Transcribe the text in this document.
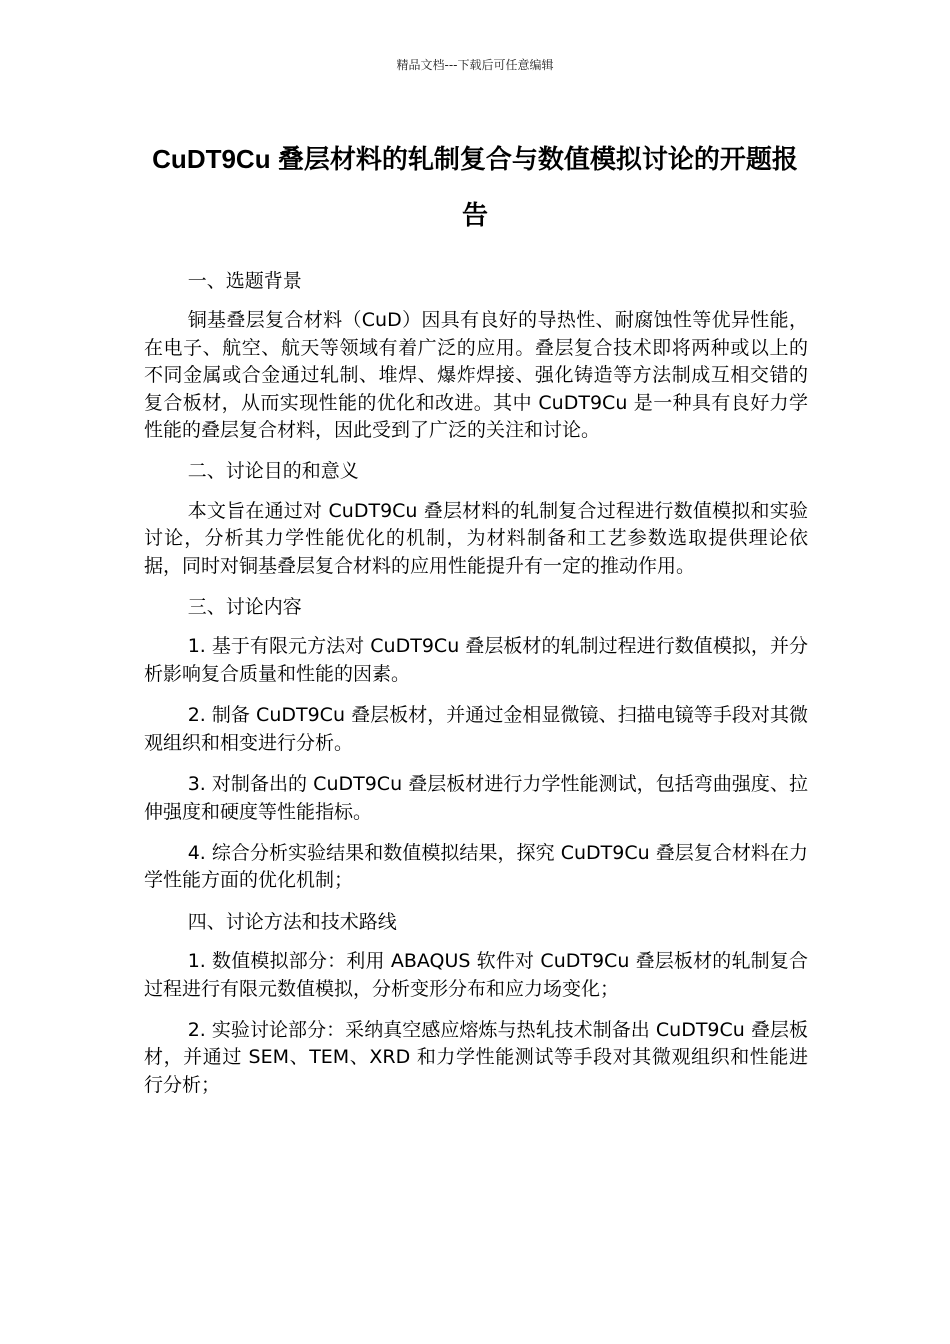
精品文档---下载后可任意编辑
CuDT9Cu 叠层材料的轧制复合与数值模拟讨论的开题报告

一、选题背景

铜基叠层复合材料（CuD）因具有良好的导热性、耐腐蚀性等优异性能，在电子、航空、航天等领域有着广泛的应用。叠层复合技术即将两种或以上的不同金属或合金通过轧制、堆焊、爆炸焊接、强化铸造等方法制成互相交错的复合板材，从而实现性能的优化和改进。其中 CuDT9Cu 是一种具有良好力学性能的叠层复合材料，因此受到了广泛的关注和讨论。

二、讨论目的和意义

本文旨在通过对 CuDT9Cu 叠层材料的轧制复合过程进行数值模拟和实验讨论，分析其力学性能优化的机制，为材料制备和工艺参数选取提供理论依据，同时对铜基叠层复合材料的应用性能提升有一定的推动作用。

三、讨论内容

1. 基于有限元方法对 CuDT9Cu 叠层板材的轧制过程进行数值模拟，并分析影响复合质量和性能的因素。

2. 制备 CuDT9Cu 叠层板材，并通过金相显微镜、扫描电镜等手段对其微观组织和相变进行分析。

3. 对制备出的 CuDT9Cu 叠层板材进行力学性能测试，包括弯曲强度、拉伸强度和硬度等性能指标。

4. 综合分析实验结果和数值模拟结果，探究 CuDT9Cu 叠层复合材料在力学性能方面的优化机制；

四、讨论方法和技术路线

1. 数值模拟部分：利用 ABAQUS 软件对 CuDT9Cu 叠层板材的轧制复合过程进行有限元数值模拟，分析变形分布和应力场变化；

2. 实验讨论部分：采纳真空感应熔炼与热轧技术制备出 CuDT9Cu 叠层板材，并通过 SEM、TEM、XRD 和力学性能测试等手段对其微观组织和性能进行分析；
